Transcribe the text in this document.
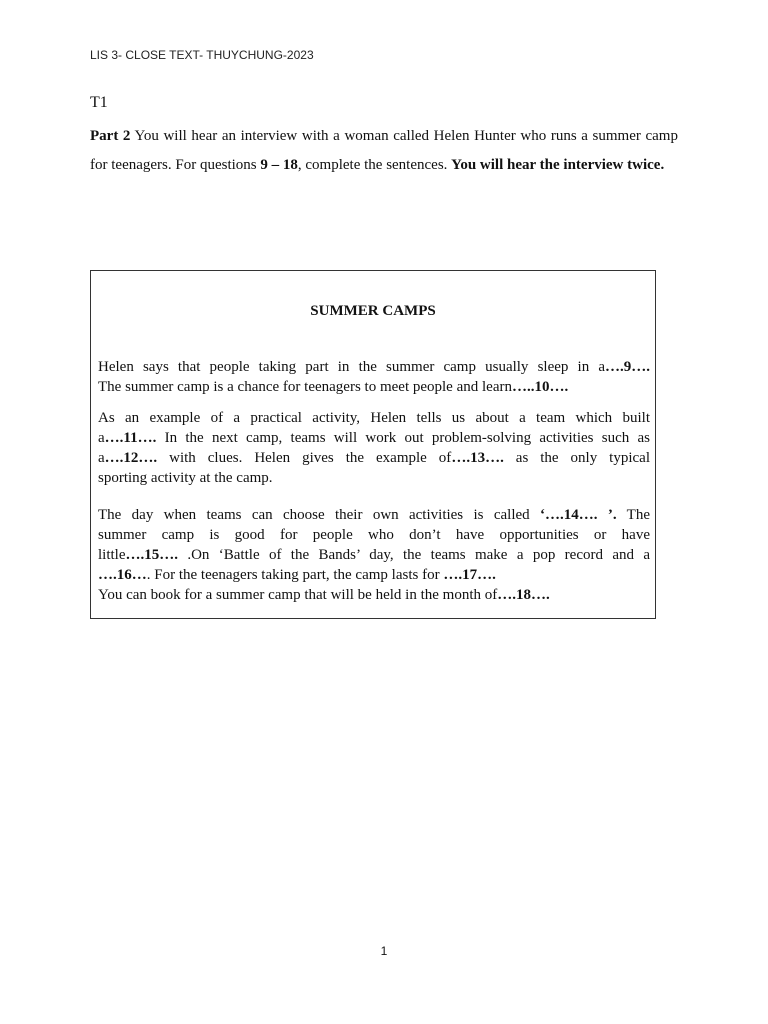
LIS 3- CLOSE TEXT- THUYCHUNG-2023
T1

Part 2 You will hear an interview with a woman called Helen Hunter who runs a summer camp for teenagers. For questions 9 – 18, complete the sentences. You will hear the interview twice.

SUMMER CAMPS

Helen says that people taking part in the summer camp usually sleep in a….9….
The summer camp is a chance for teenagers to meet people and learn…..10….

As an example of a practical activity, Helen tells us about a team which built
a….11…. In the next camp, teams will work out problem-solving activities such as
a….12…. with clues. Helen gives the example of….13…. as the only typical
sporting activity at the camp.

The day when teams can choose their own activities is called ‘….14…. ’. The
summer camp is good for people who don’t have opportunities or have
little….15…. .On ‘Battle of the Bands’ day, the teams make a pop record and a
….16…. For the teenagers taking part, the camp lasts for ….17….
You can book for a summer camp that will be held in the month of….18….

1
